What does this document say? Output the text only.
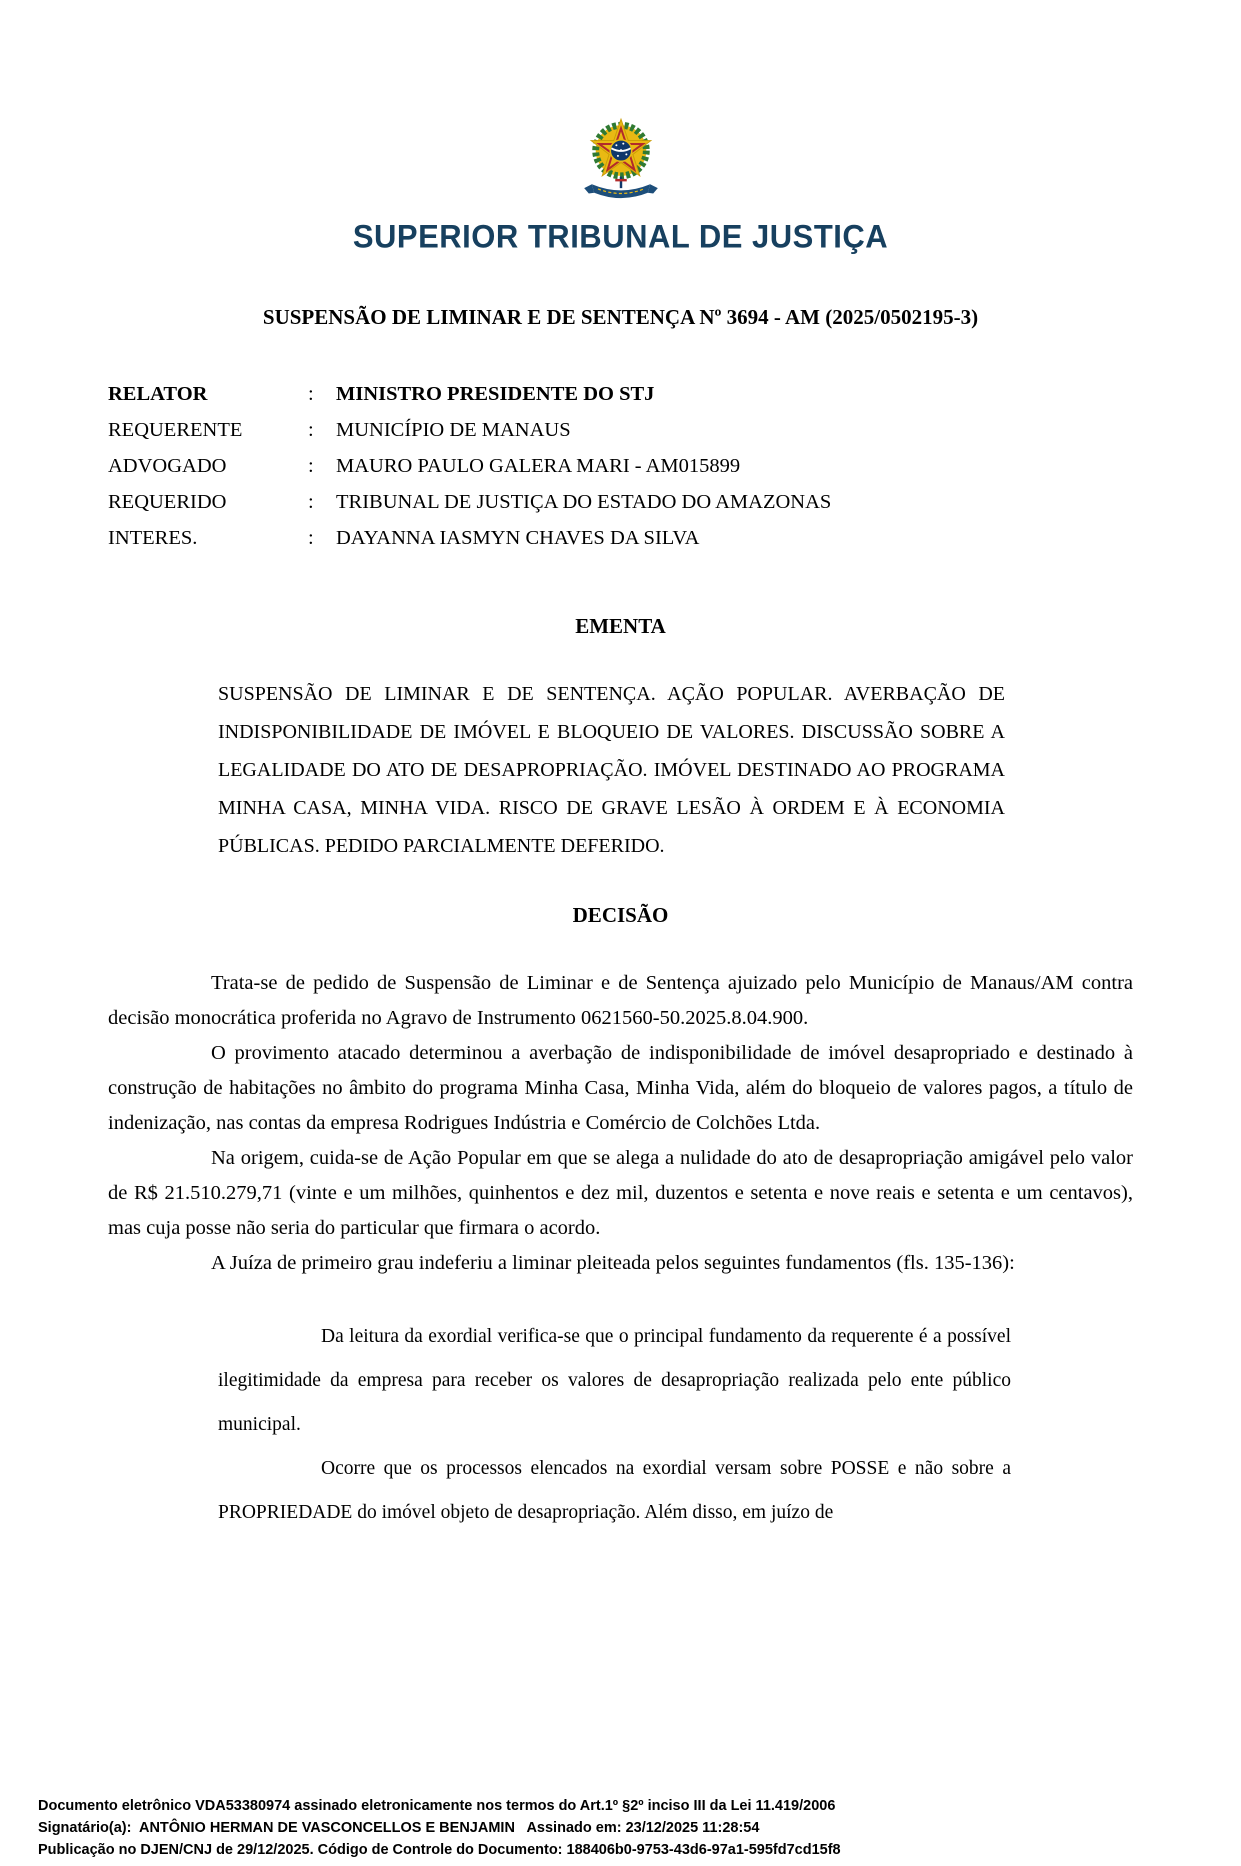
SUPERIOR TRIBUNAL DE JUSTIÇA
SUSPENSÃO DE LIMINAR E DE SENTENÇA Nº 3694 - AM (2025/0502195-3)
RELATOR	:	MINISTRO PRESIDENTE DO STJ
REQUERENTE	:	MUNICÍPIO DE MANAUS
ADVOGADO	:	MAURO PAULO GALERA MARI - AM015899
REQUERIDO	:	TRIBUNAL DE JUSTIÇA DO ESTADO DO AMAZONAS
INTERES.	:	DAYANNA IASMYN CHAVES DA SILVA
EMENTA
SUSPENSÃO DE LIMINAR E DE SENTENÇA. AÇÃO POPULAR. AVERBAÇÃO DE INDISPONIBILIDADE DE IMÓVEL E BLOQUEIO DE VALORES. DISCUSSÃO SOBRE A LEGALIDADE DO ATO DE DESAPROPRIAÇÃO. IMÓVEL DESTINADO AO PROGRAMA MINHA CASA, MINHA VIDA. RISCO DE GRAVE LESÃO À ORDEM E À ECONOMIA PÚBLICAS. PEDIDO PARCIALMENTE DEFERIDO.
DECISÃO

Trata-se de pedido de Suspensão de Liminar e de Sentença ajuizado pelo Município de Manaus/AM contra decisão monocrática proferida no Agravo de Instrumento 0621560-50.2025.8.04.900.

O provimento atacado determinou a averbação de indisponibilidade de imóvel desapropriado e destinado à construção de habitações no âmbito do programa Minha Casa, Minha Vida, além do bloqueio de valores pagos, a título de indenização, nas contas da empresa Rodrigues Indústria e Comércio de Colchões Ltda.

Na origem, cuida-se de Ação Popular em que se alega a nulidade do ato de desapropriação amigável pelo valor de R$ 21.510.279,71 (vinte e um milhões, quinhentos e dez mil, duzentos e setenta e nove reais e setenta e um centavos), mas cuja posse não seria do particular que firmara o acordo.

A Juíza de primeiro grau indeferiu a liminar pleiteada pelos seguintes fundamentos (fls. 135-136):

Da leitura da exordial verifica-se que o principal fundamento da requerente é a possível ilegitimidade da empresa para receber os valores de desapropriação realizada pelo ente público municipal.

Ocorre que os processos elencados na exordial versam sobre POSSE e não sobre a PROPRIEDADE do imóvel objeto de desapropriação. Além disso, em juízo de

Documento eletrônico VDA53380974 assinado eletronicamente nos termos do Art.1º §2º inciso III da Lei 11.419/2006
Signatário(a):  ANTÔNIO HERMAN DE VASCONCELLOS E BENJAMIN   Assinado em: 23/12/2025 11:28:54
Publicação no DJEN/CNJ de 29/12/2025. Código de Controle do Documento: 188406b0-9753-43d6-97a1-595fd7cd15f8
